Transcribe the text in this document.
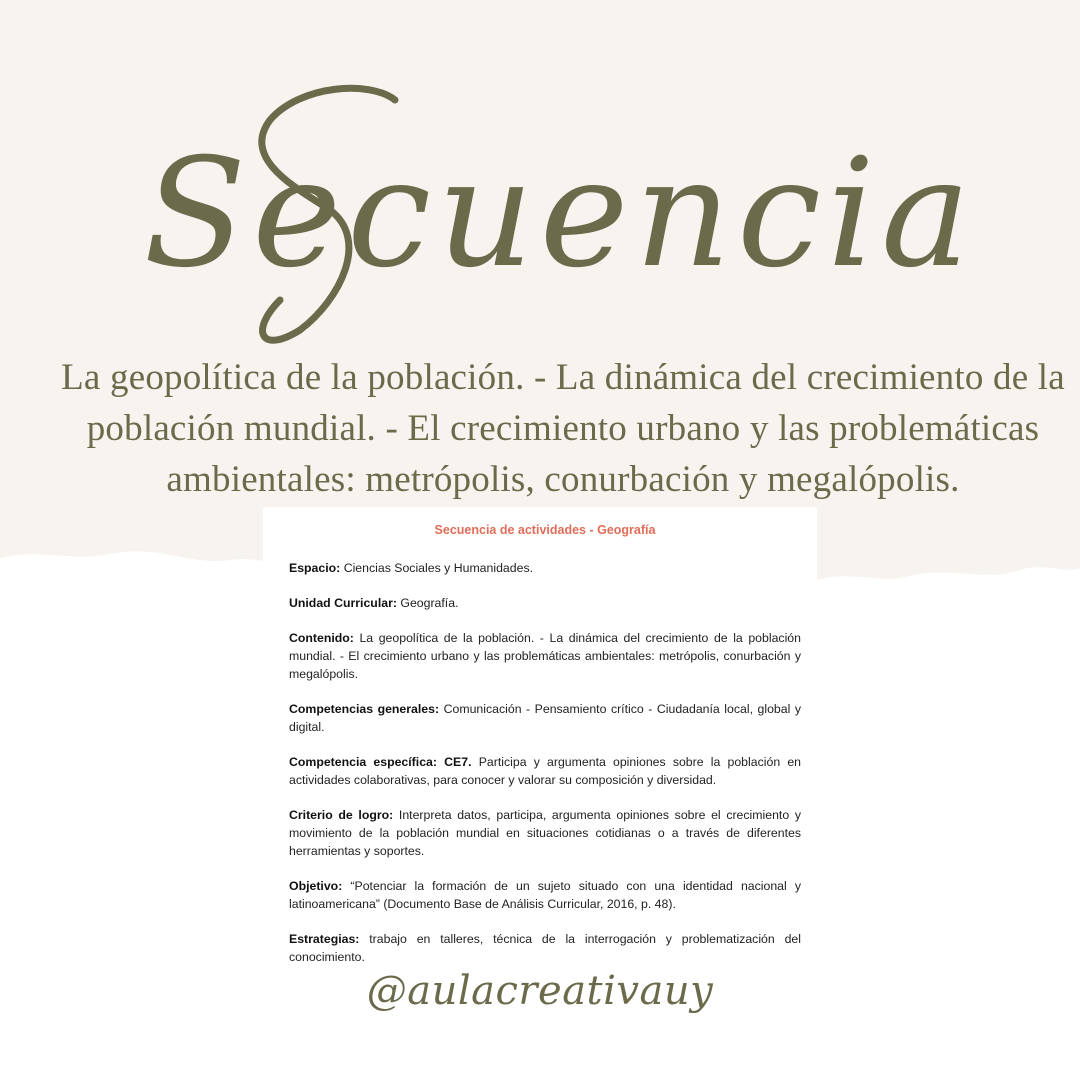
Secuencia
La geopolítica de la población. - La dinámica del crecimiento de la población mundial. - El crecimiento urbano y las problemáticas ambientales: metrópolis, conurbación y megalópolis.
Secuencia de actividades - Geografía

Espacio: Ciencias Sociales y Humanidades.

Unidad Curricular: Geografía.

Contenido: La geopolítica de la población. - La dinámica del crecimiento de la población mundial. - El crecimiento urbano y las problemáticas ambientales: metrópolis, conurbación y megalópolis.

Competencias generales: Comunicación - Pensamiento crítico - Ciudadanía local, global y digital.

Competencia específica: CE7. Participa y argumenta opiniones sobre la población en actividades colaborativas, para conocer y valorar su composición y diversidad.

Criterio de logro: Interpreta datos, participa, argumenta opiniones sobre el crecimiento y movimiento de la población mundial en situaciones cotidianas o a través de diferentes herramientas y soportes.

Objetivo: “Potenciar la formación de un sujeto situado con una identidad nacional y latinoamericana” (Documento Base de Análisis Curricular, 2016, p. 48).

Estrategias: trabajo en talleres, técnica de la interrogación y problematización del conocimiento.

@aulacreativauy
